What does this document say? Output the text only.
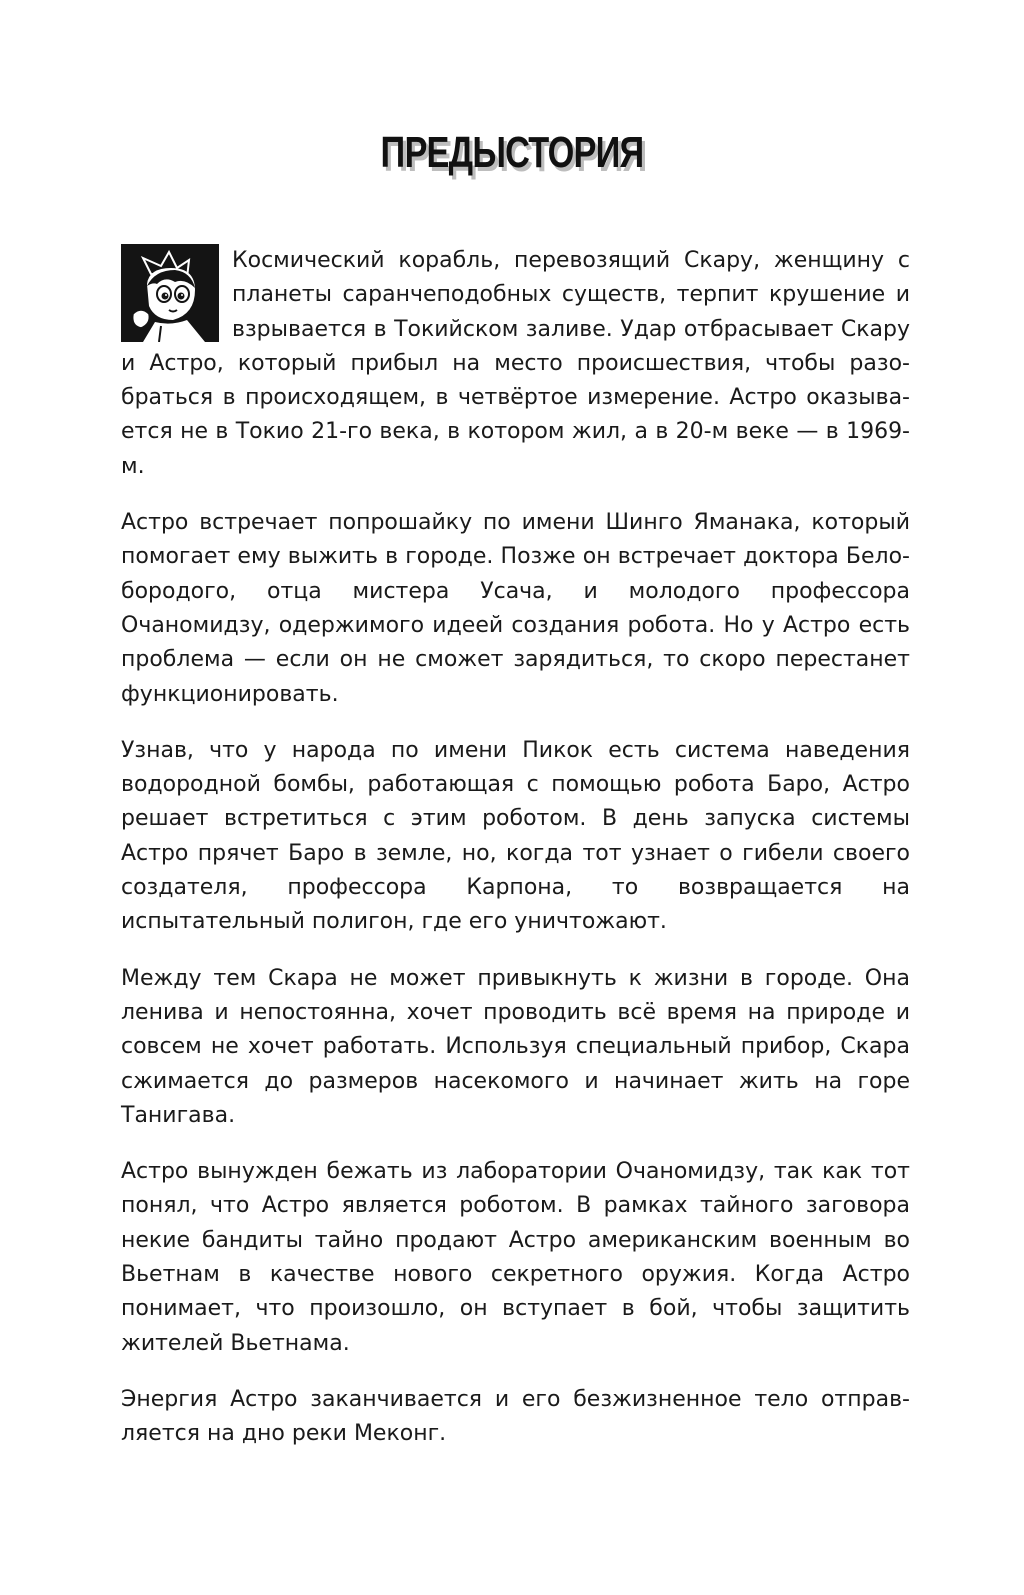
ПРЕДЫСТОРИЯ

Космический корабль, перевозящий Скару, женщину с планеты саранчеподобных существ, терпит крушение и взрывается в Токийском заливе. Удар отбрасывает Скару и Астро, который прибыл на место происшествия, чтобы разобраться в происходящем, в четвёртое измерение. Астро оказывается не в Токио 21-го века, в котором жил, а в 20-м веке — в 1969-м.

Астро встречает попрошайку по имени Шинго Яманака, который помогает ему выжить в городе. Позже он встречает доктора Белобородого, отца мистера Усача, и молодого профессора Очаномидзу, одержимого идеей создания робота. Но у Астро есть проблема — если он не сможет зарядиться, то скоро перестанет функционировать.

Узнав, что у народа по имени Пикок есть система наведения водородной бомбы, работающая с помощью робота Баро, Астро решает встретиться с этим роботом. В день запуска системы Астро прячет Баро в земле, но, когда тот узнает о гибели своего создателя, профессора Карпона, то возвращается на испытательный полигон, где его уничтожают.

Между тем Скара не может привыкнуть к жизни в городе. Она ленива и непостоянна, хочет проводить всё время на природе и совсем не хочет работать. Используя специальный прибор, Скара сжимается до размеров насекомого и начинает жить на горе Танигава.

Астро вынужден бежать из лаборатории Очаномидзу, так как тот понял, что Астро является роботом. В рамках тайного заговора некие бандиты тайно продают Астро американским военным во Вьетнам в качестве нового секретного оружия. Когда Астро понимает, что произошло, он вступает в бой, чтобы защитить жителей Вьетнама.

Энергия Астро заканчивается и его безжизненное тело отправляется на дно реки Меконг.
